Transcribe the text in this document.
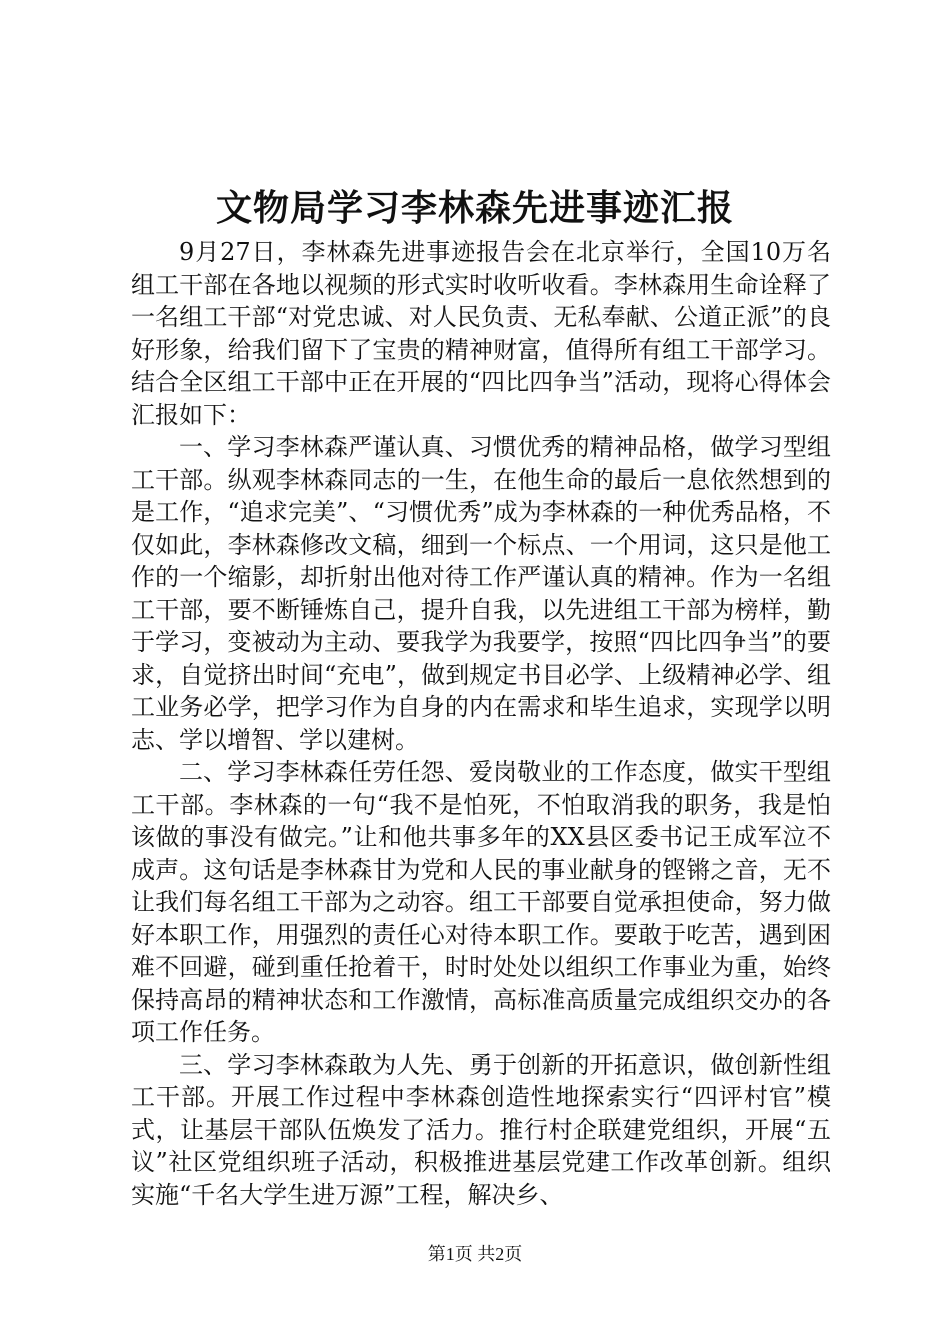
文物局学习李林森先进事迹汇报

9月27日，李林森先进事迹报告会在北京举行，全国10万名组工干部在各地以视频的形式实时收听收看。李林森用生命诠释了一名组工干部“对党忠诚、对人民负责、无私奉献、公道正派”的良好形象，给我们留下了宝贵的精神财富，值得所有组工干部学习。结合全区组工干部中正在开展的“四比四争当”活动，现将心得体会汇报如下：

一、学习李林森严谨认真、习惯优秀的精神品格，做学习型组工干部。纵观李林森同志的一生，在他生命的最后一息依然想到的是工作，“追求完美”、“习惯优秀”成为李林森的一种优秀品格，不仅如此，李林森修改文稿，细到一个标点、一个用词，这只是他工作的一个缩影，却折射出他对待工作严谨认真的精神。作为一名组工干部，要不断锤炼自己，提升自我，以先进组工干部为榜样，勤于学习，变被动为主动、要我学为我要学，按照“四比四争当”的要求，自觉挤出时间“充电”，做到规定书目必学、上级精神必学、组工业务必学，把学习作为自身的内在需求和毕生追求，实现学以明志、学以增智、学以建树。

二、学习李林森任劳任怨、爱岗敬业的工作态度，做实干型组工干部。李林森的一句“我不是怕死，不怕取消我的职务，我是怕该做的事没有做完。”让和他共事多年的XX县区委书记王成军泣不成声。这句话是李林森甘为党和人民的事业献身的铿锵之音，无不让我们每名组工干部为之动容。组工干部要自觉承担使命，努力做好本职工作，用强烈的责任心对待本职工作。要敢于吃苦，遇到困难不回避，碰到重任抢着干，时时处处以组织工作事业为重，始终保持高昂的精神状态和工作激情，高标准高质量完成组织交办的各项工作任务。

三、学习李林森敢为人先、勇于创新的开拓意识，做创新性组工干部。开展工作过程中李林森创造性地探索实行“四评村官”模式，让基层干部队伍焕发了活力。推行村企联建党组织，开展“五议”社区党组织班子活动，积极推进基层党建工作改革创新。组织实施“千名大学生进万源”工程，解决乡、

第1页 共2页
